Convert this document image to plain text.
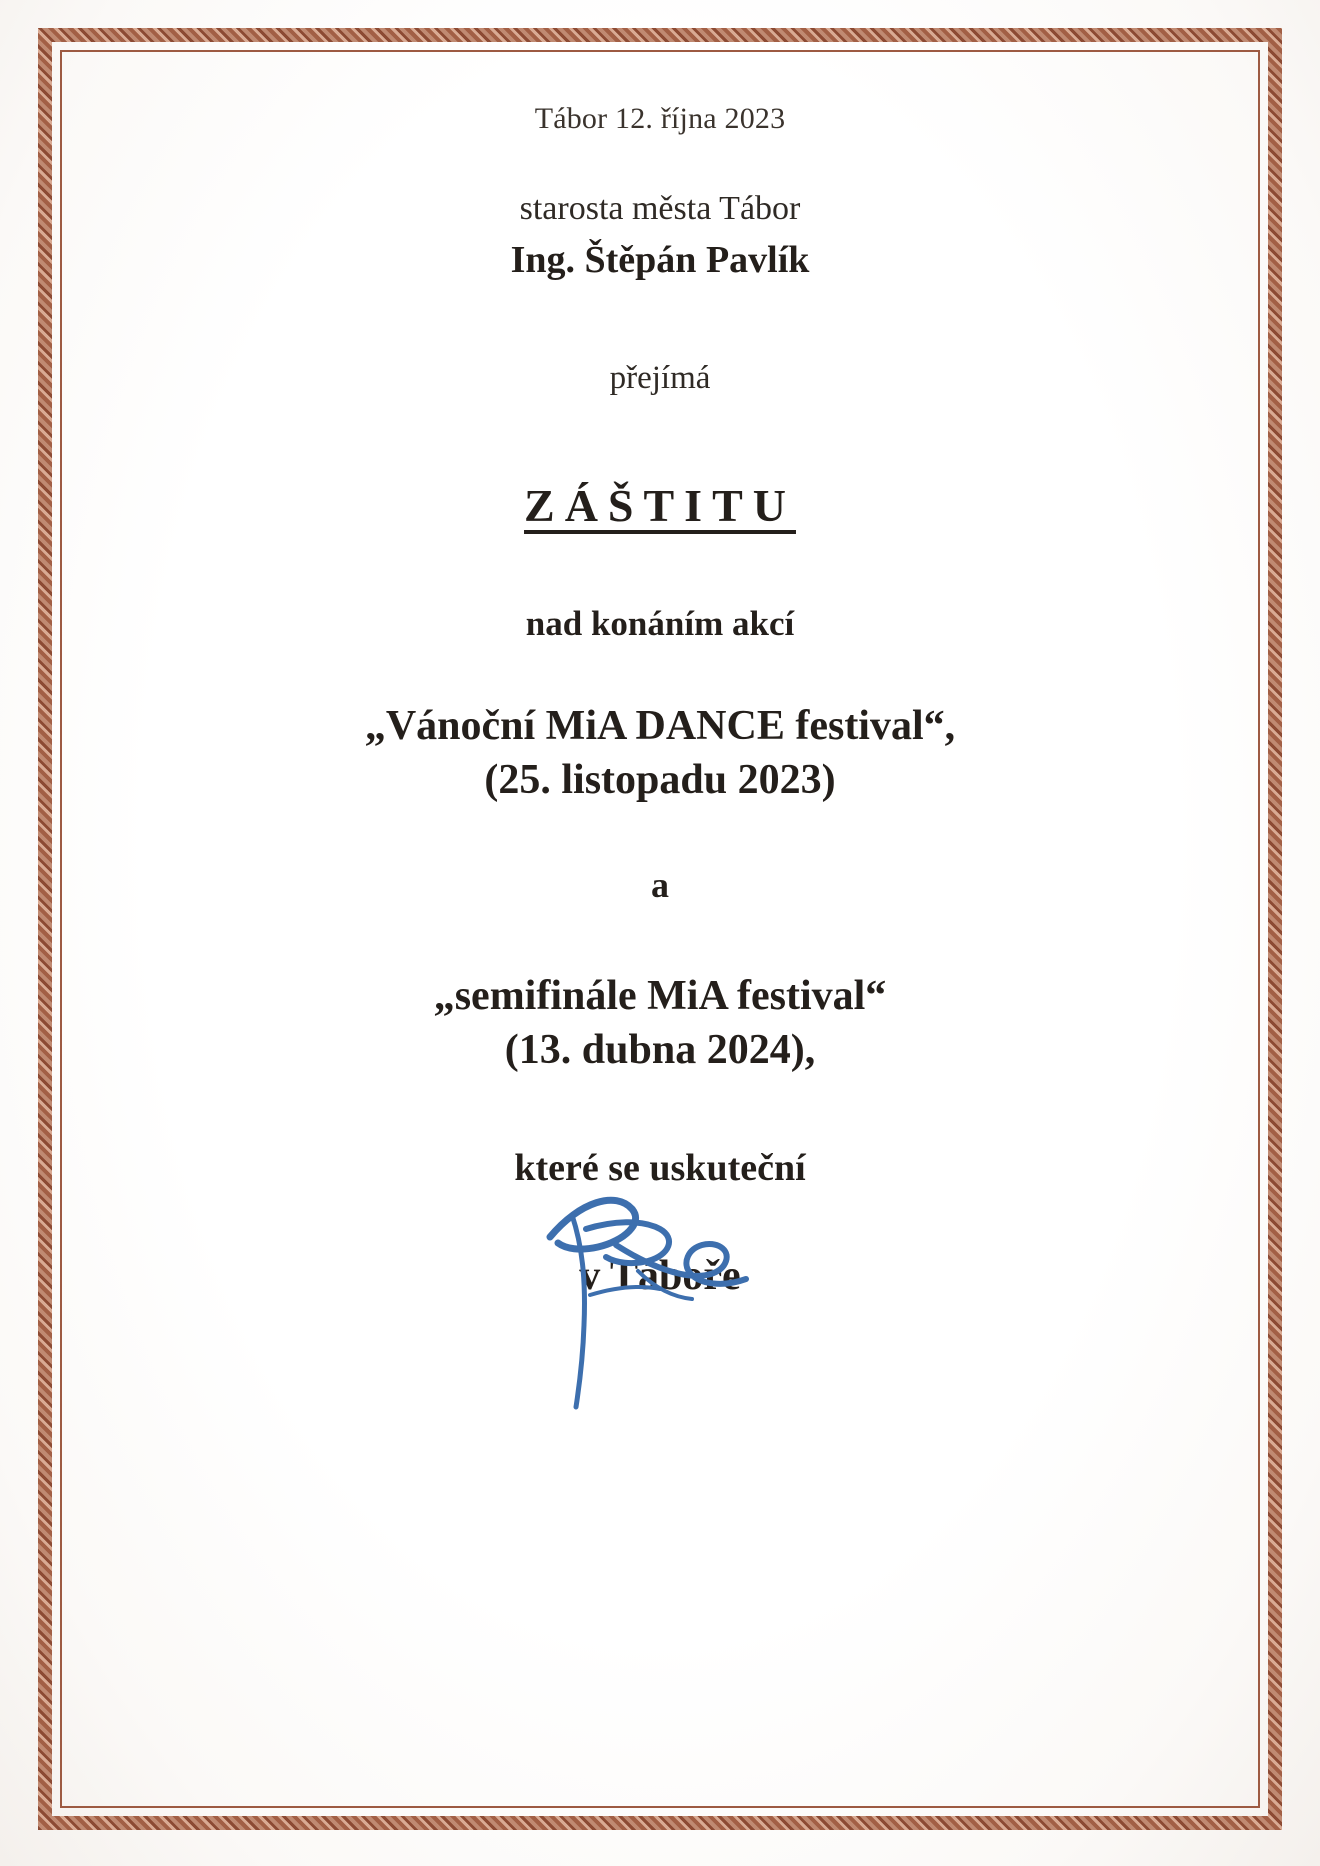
Tábor 12. října 2023

starosta města Tábor

Ing. Štěpán Pavlík

přejímá

ZÁŠTITU

nad konáním akcí

„Vánoční MiA DANCE festival“,

(25. listopadu 2023)

a

„semifinále MiA festival“

(13. dubna 2024),

které se uskuteční

v Táboře
